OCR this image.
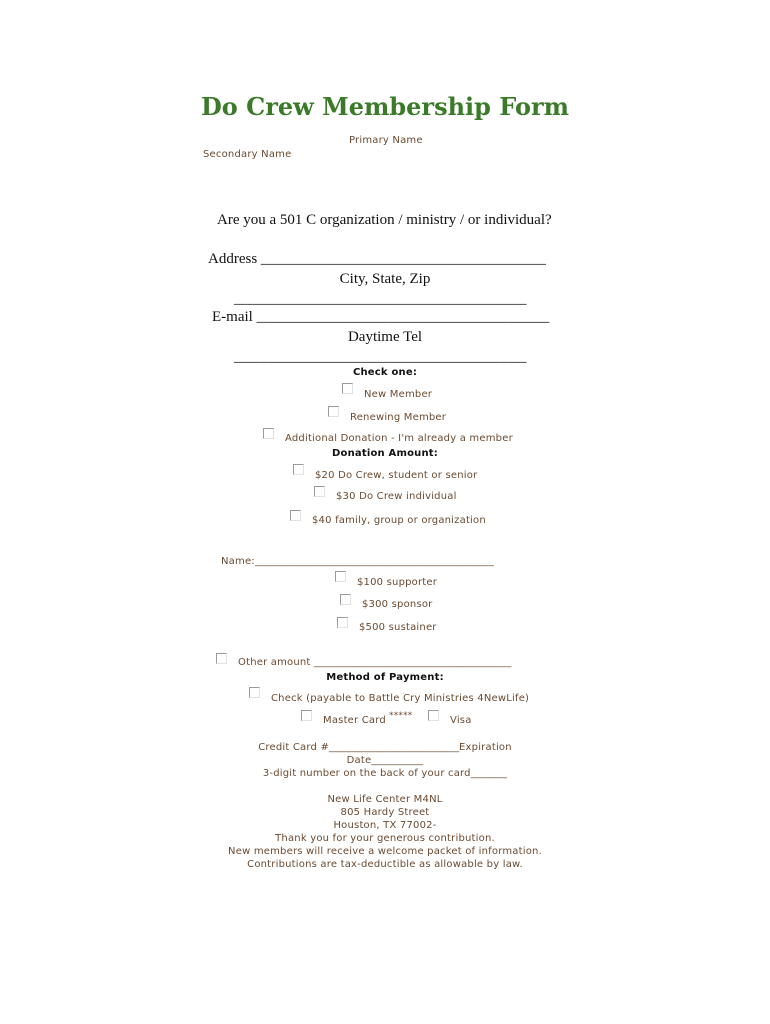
Do Crew Membership Form
Primary Name
Secondary Name
Are you a 501 C organization / ministry / or individual?
Address ______________________________________
City, State, Zip
_______________________________________
E-mail _______________________________________
Daytime Tel
_______________________________________
Check one:
New Member
Renewing Member
Additional Donation - I'm already a member
Donation Amount:
$20 Do Crew, student or senior
$30 Do Crew individual
$40 family, group or organization
Name:______________________________________________
$100 supporter
$300 sponsor
$500 sustainer
Other amount ______________________________________
Method of Payment:
Check (payable to Battle Cry Ministries 4NewLife)
Master Card *****	Visa
Credit Card #_________________________Expiration
Date__________
3-digit number on the back of your card_______
New Life Center M4NL
805 Hardy Street
Houston, TX 77002-
Thank you for your generous contribution.
New members will receive a welcome packet of information.
Contributions are tax-deductible as allowable by law.
